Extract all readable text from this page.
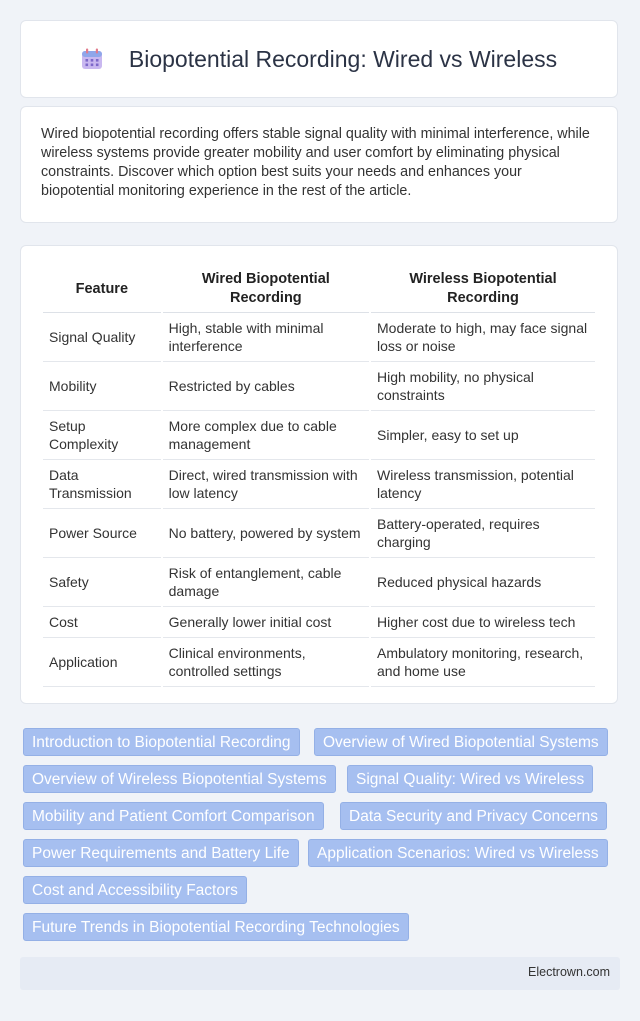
Biopotential Recording: Wired vs Wireless

Wired biopotential recording offers stable signal quality with minimal interference, while wireless systems provide greater mobility and user comfort by eliminating physical constraints. Discover which option best suits your needs and enhances your biopotential monitoring experience in the rest of the article.

Feature	Wired Biopotential Recording	Wireless Biopotential Recording
Signal Quality	High, stable with minimal interference	Moderate to high, may face signal loss or noise
Mobility	Restricted by cables	High mobility, no physical constraints
Setup Complexity	More complex due to cable management	Simpler, easy to set up
Data Transmission	Direct, wired transmission with low latency	Wireless transmission, potential latency
Power Source	No battery, powered by system	Battery-operated, requires charging
Safety	Risk of entanglement, cable damage	Reduced physical hazards
Cost	Generally lower initial cost	Higher cost due to wireless tech
Application	Clinical environments, controlled settings	Ambulatory monitoring, research, and home use
Introduction to Biopotential Recording	Overview of Wired Biopotential Systems
Overview of Wireless Biopotential Systems	Signal Quality: Wired vs Wireless
Mobility and Patient Comfort Comparison	Data Security and Privacy Concerns
Power Requirements and Battery Life	Application Scenarios: Wired vs Wireless
Cost and Accessibility Factors
Future Trends in Biopotential Recording Technologies
Electrown.com
